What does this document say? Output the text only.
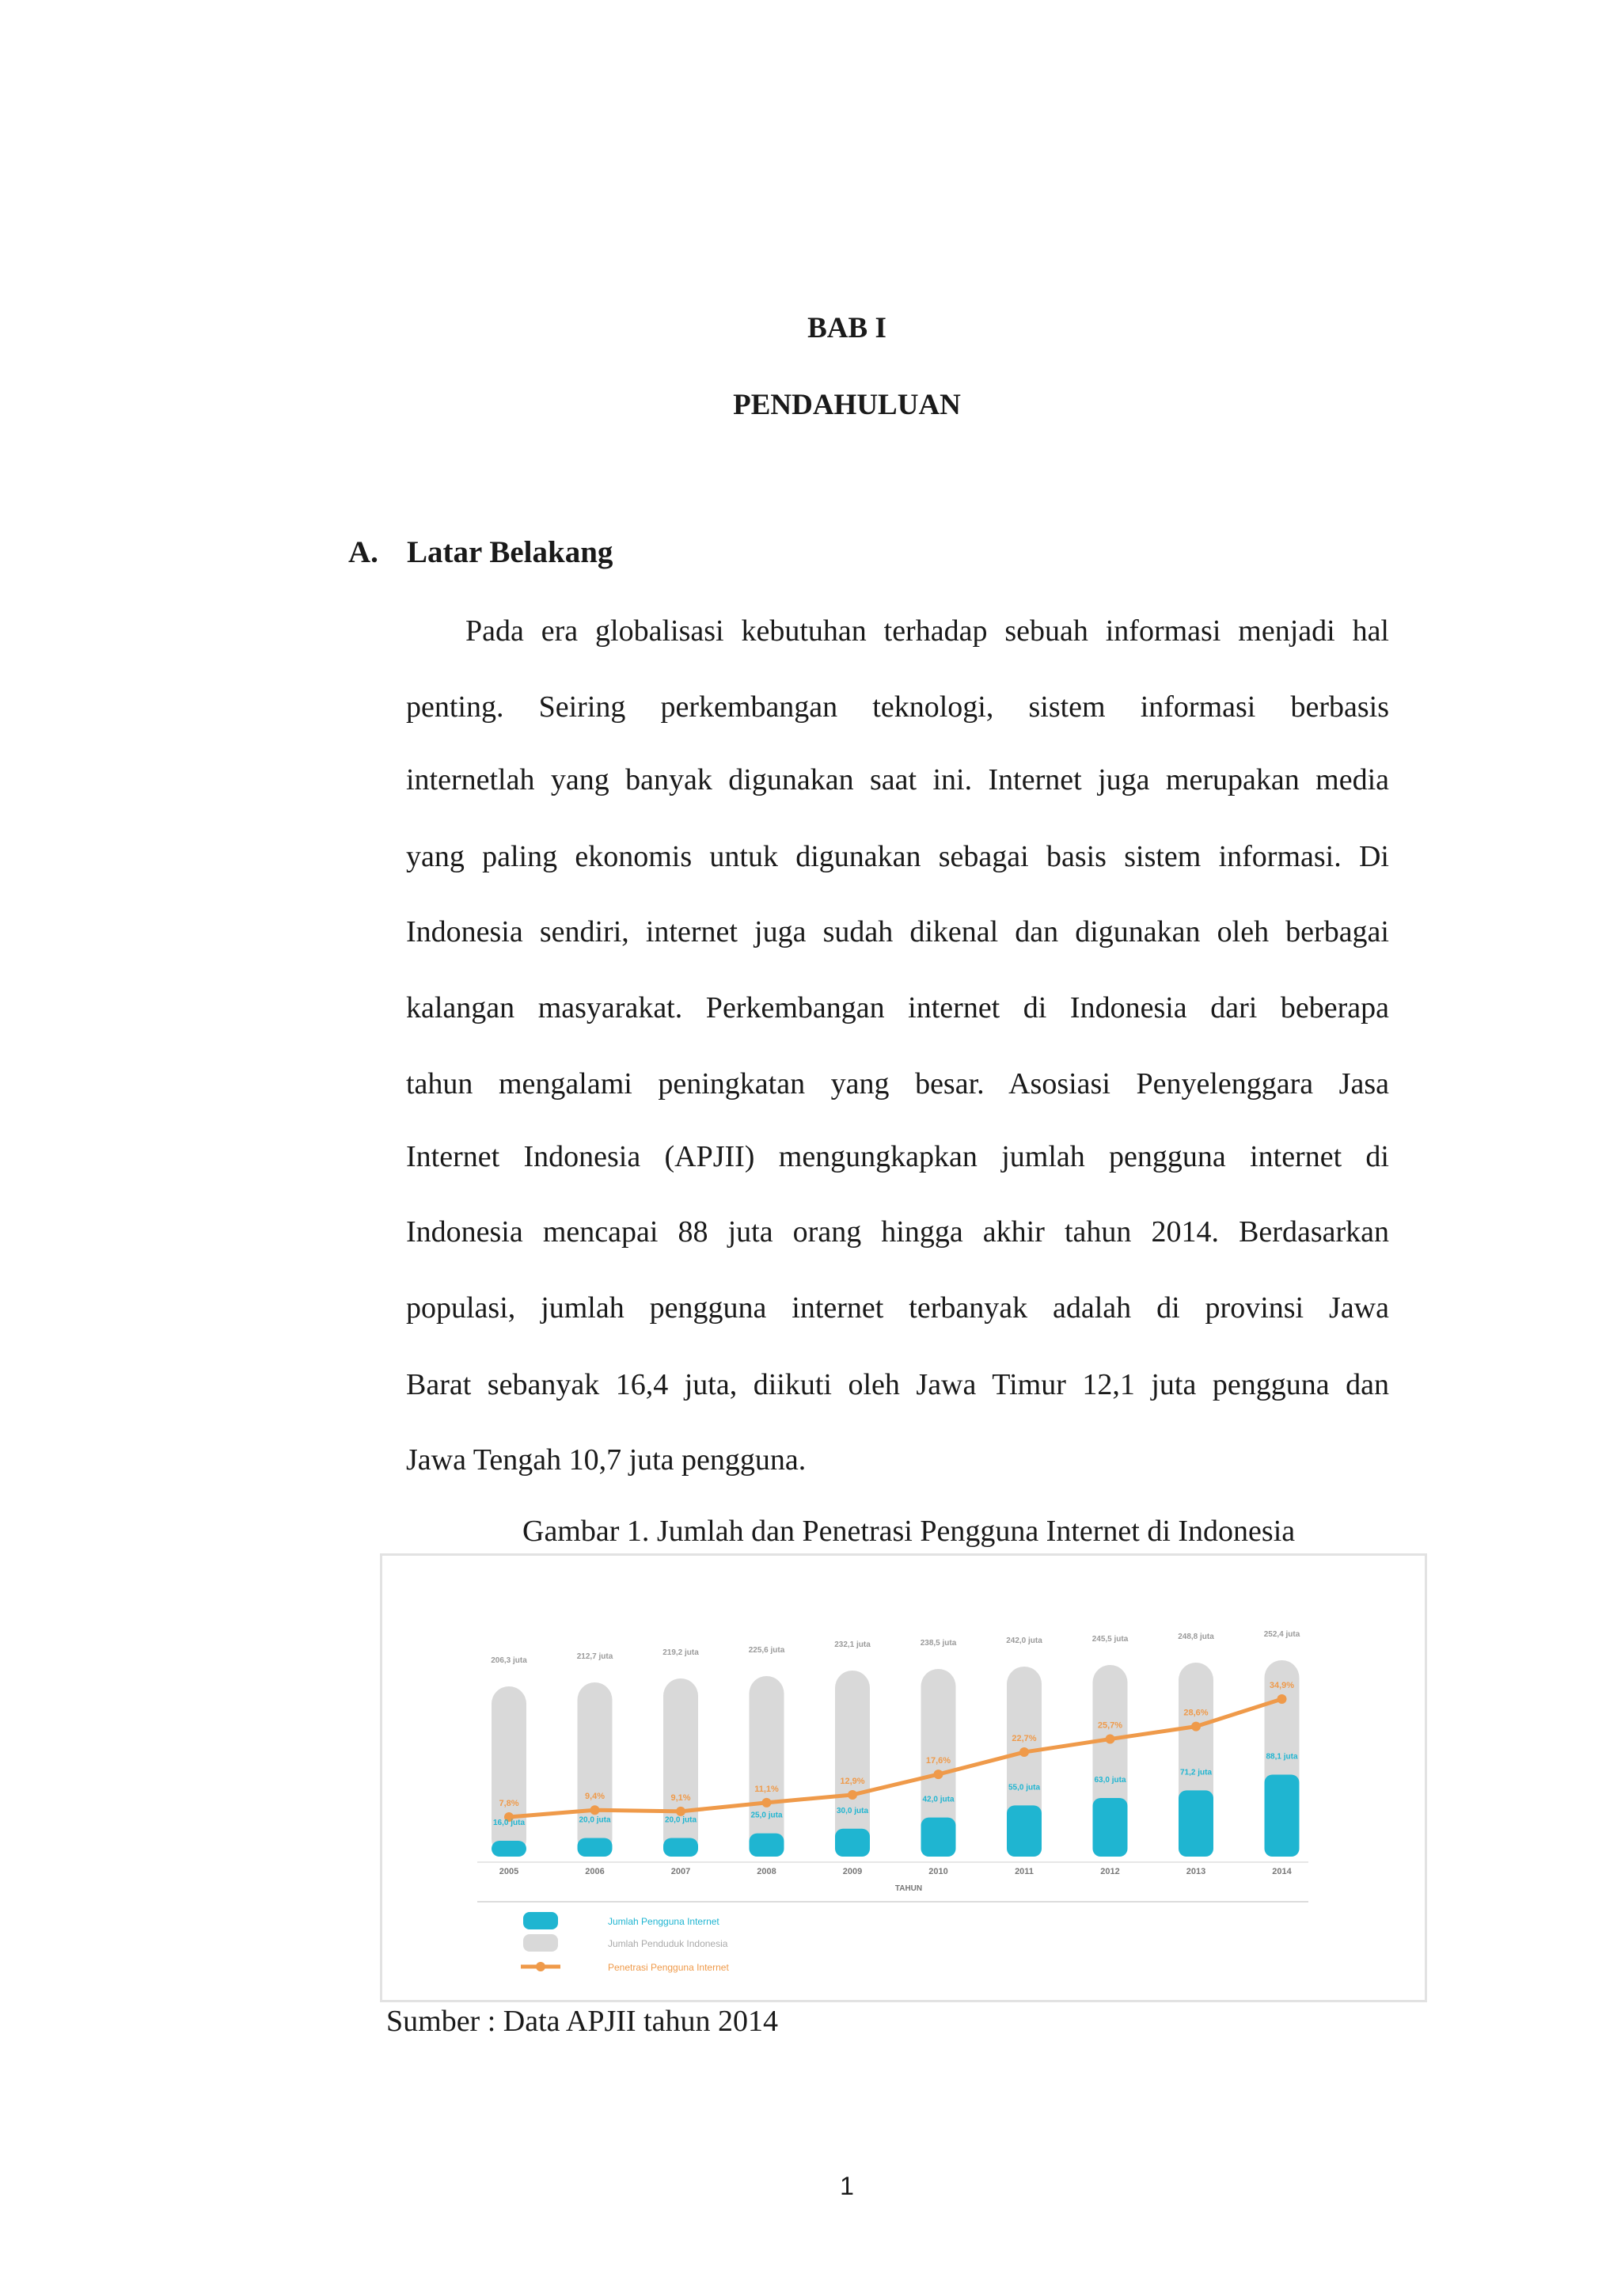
BAB I
PENDAHULUAN
A. Latar Belakang
Pada era globalisasi kebutuhan terhadap sebuah informasi menjadi hal
penting. Seiring perkembangan teknologi, sistem informasi berbasis
internetlah yang banyak digunakan saat ini. Internet juga merupakan media
yang paling ekonomis untuk digunakan sebagai basis sistem informasi. Di
Indonesia sendiri, internet juga sudah dikenal dan digunakan oleh berbagai
kalangan masyarakat. Perkembangan internet di Indonesia dari beberapa
tahun mengalami peningkatan yang besar. Asosiasi Penyelenggara Jasa
Internet Indonesia (APJII) mengungkapkan jumlah pengguna internet di
Indonesia mencapai 88 juta orang hingga akhir tahun 2014. Berdasarkan
populasi, jumlah pengguna internet terbanyak adalah di provinsi Jawa
Barat sebanyak 16,4 juta, diikuti oleh Jawa Timur 12,1 juta pengguna dan
Jawa Tengah 10,7 juta pengguna.
Gambar 1. Jumlah dan Penetrasi Pengguna Internet di Indonesia
206,3 juta
16,0 juta
7,8%
212,7 juta
20,0 juta
9,4%
219,2 juta
20,0 juta
9,1%
225,6 juta
25,0 juta
11,1%
232,1 juta
30,0 juta
12,9%
238,5 juta
42,0 juta
17,6%
242,0 juta
55,0 juta
22,7%
245,5 juta
63,0 juta
25,7%
248,8 juta
71,2 juta
28,6%
252,4 juta
88,1 juta
34,9%
2005	2006	2007	2008	2009	2010	2011	2012	2013	2014
TAHUN
Jumlah Pengguna Internet
Jumlah Penduduk Indonesia
Penetrasi Pengguna Internet
Sumber : Data APJII tahun 2014
1
